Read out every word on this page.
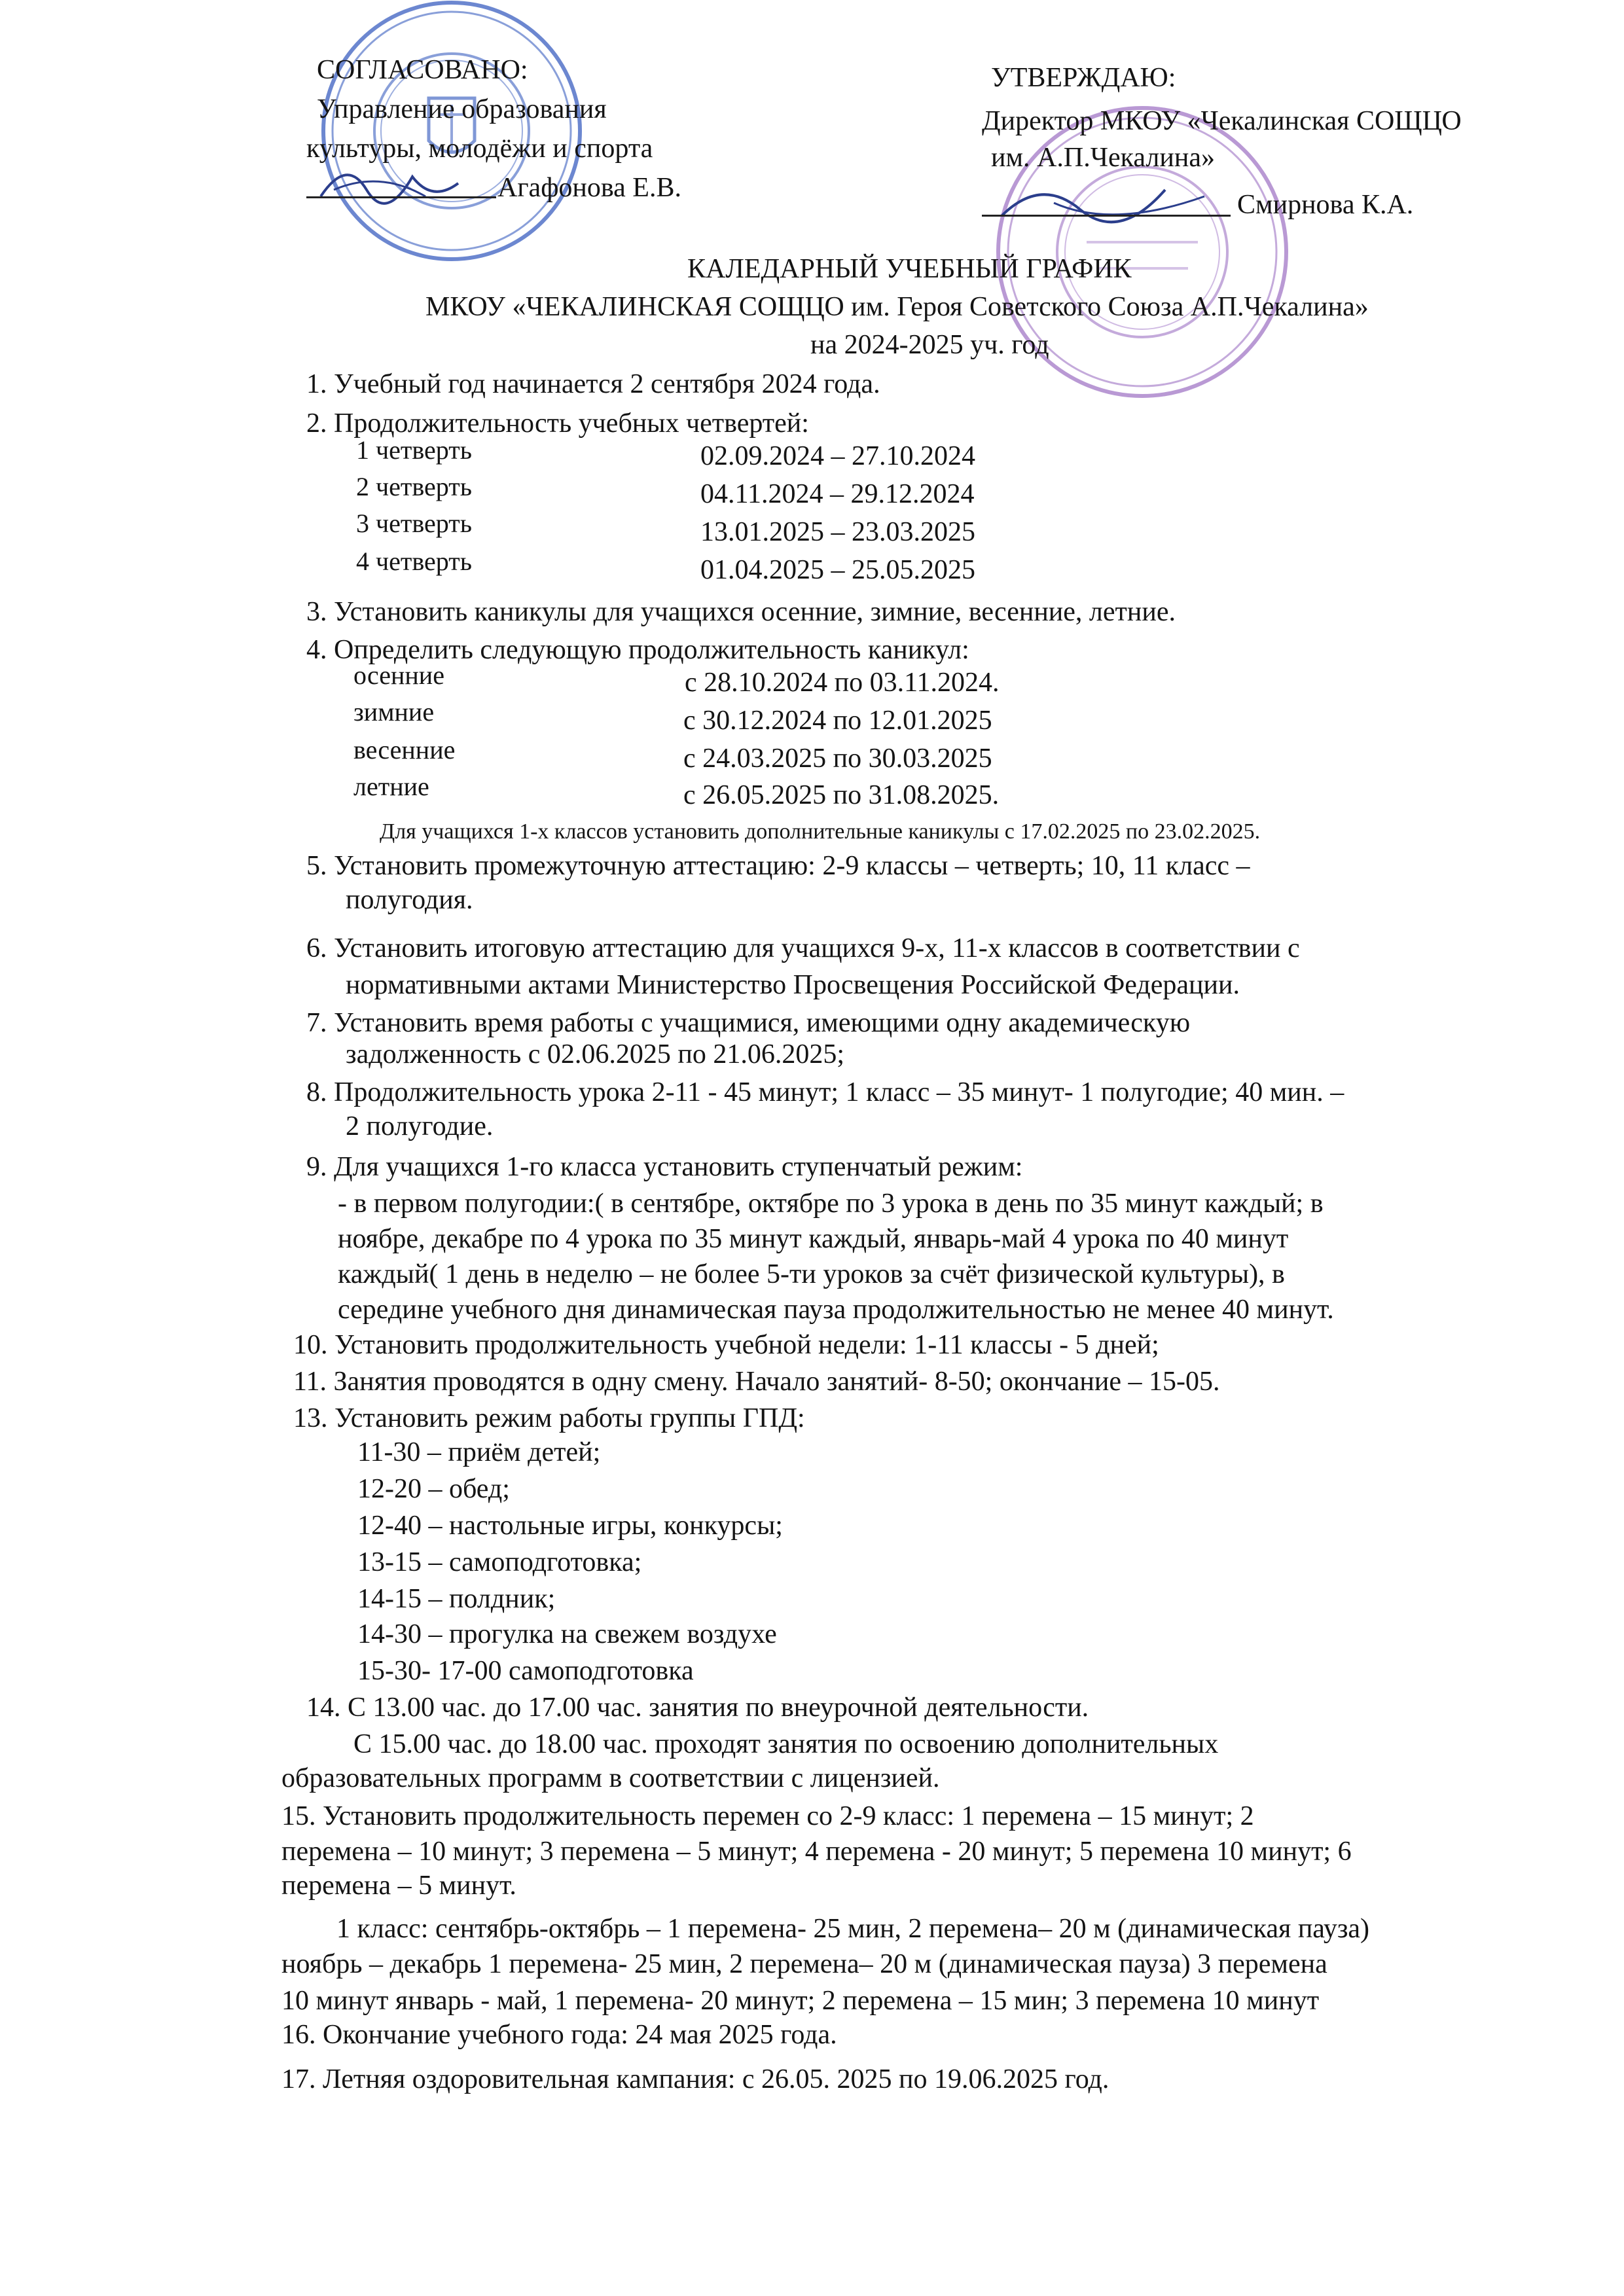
СОГЛАСОВАНО:
Управление образования
культуры, молодёжи и спорта
Агафонова Е.В.
УТВЕРЖДАЮ:
Директор МКОУ «Чекалинская СОЩЦО
им. А.П.Чекалина»
Смирнова К.А.
КАЛЕДАРНЫЙ УЧЕБНЫЙ ГРАФИК
МКОУ «ЧЕКАЛИНСКАЯ СОЩЦО им. Героя Советского Союза А.П.Чекалина»
на 2024-2025 уч. год
1. Учебный год начинается 2 сентября 2024 года.
2. Продолжительность учебных четвертей:
1 четверть	02.09.2024 – 27.10.2024
2 четверть	04.11.2024 – 29.12.2024
3 четверть	13.01.2025 – 23.03.2025
4 четверть	01.04.2025 – 25.05.2025
3. Установить каникулы для учащихся осенние, зимние, весенние, летние.
4. Определить следующую продолжительность каникул:
осенние	с 28.10.2024 по 03.11.2024.
зимние	с 30.12.2024 по 12.01.2025
весенние	с 24.03.2025 по 30.03.2025
летние	с 26.05.2025 по 31.08.2025.
Для учащихся 1-х классов установить дополнительные каникулы с 17.02.2025 по 23.02.2025.
5. Установить промежуточную аттестацию: 2-9 классы – четверть; 10, 11 класс –
полугодия.
6. Установить итоговую аттестацию для учащихся 9-х, 11-х классов в соответствии с
нормативными актами Министерство Просвещения Российской Федерации.
7. Установить время работы с учащимися, имеющими одну академическую
задолженность с 02.06.2025 по 21.06.2025;
8. Продолжительность урока 2-11 - 45 минут; 1 класс – 35 минут- 1 полугодие; 40 мин. –
2 полугодие.
9. Для учащихся 1-го класса установить ступенчатый режим:
- в первом полугодии:( в сентябре, октябре по 3 урока в день по 35 минут каждый; в
ноябре, декабре по 4 урока по 35 минут каждый, январь-май 4 урока по 40 минут
каждый( 1 день в неделю – не более 5-ти уроков за счёт физической культуры), в
середине учебного дня динамическая пауза продолжительностью не менее 40 минут.
10. Установить продолжительность учебной недели: 1-11 классы - 5 дней;
11. Занятия проводятся в одну смену. Начало занятий- 8-50; окончание – 15-05.
13. Установить режим работы группы ГПД:
11-30 – приём детей;
12-20 – обед;
12-40 – настольные игры, конкурсы;
13-15 – самоподготовка;
14-15 – полдник;
14-30 – прогулка на свежем воздухе
15-30- 17-00 самоподготовка
14. С 13.00 час. до 17.00 час. занятия по внеурочной деятельности.
С 15.00 час. до 18.00 час. проходят занятия по освоению дополнительных
образовательных программ в соответствии с лицензией.
15. Установить продолжительность перемен со 2-9 класс: 1 перемена – 15 минут; 2
перемена – 10 минут; 3 перемена – 5 минут; 4 перемена - 20 минут; 5 перемена 10 минут; 6
перемена – 5 минут.
1 класс: сентябрь-октябрь – 1 перемена- 25 мин, 2 перемена– 20 м (динамическая пауза)
ноябрь – декабрь 1 перемена- 25 мин, 2 перемена– 20 м (динамическая пауза) 3 перемена
10 минут январь - май, 1 перемена- 20 минут; 2 перемена – 15 мин; 3 перемена 10 минут
16. Окончание учебного года: 24 мая 2025 года.
17. Летняя оздоровительная кампания: с 26.05. 2025 по 19.06.2025 год.
